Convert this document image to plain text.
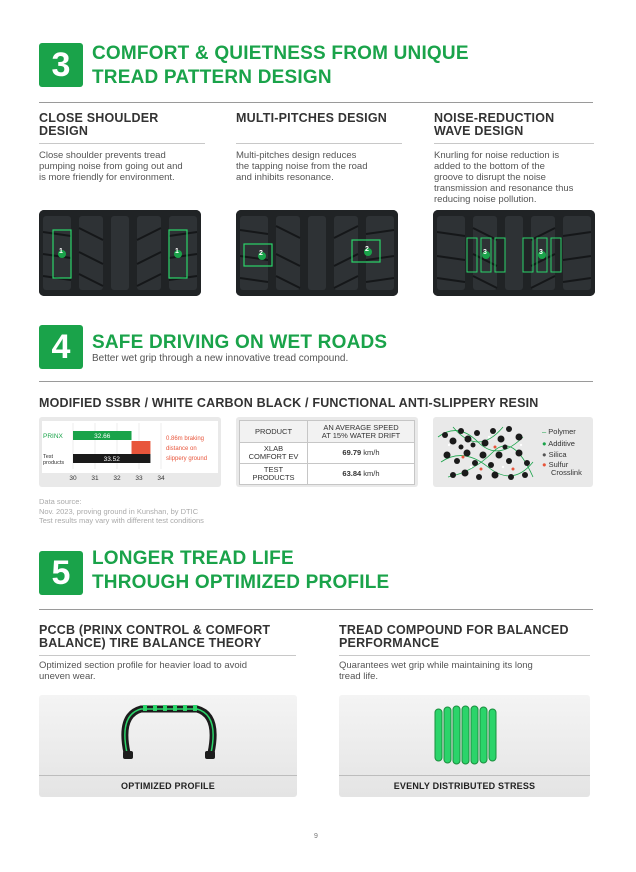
3	COMFORT & QUIETNESS FROM UNIQUE
TREAD PATTERN DESIGN
CLOSE SHOULDER
DESIGN
Close shoulder prevents tread
pumping noise from going out and
is more friendly for environment.
MULTI-PITCHES DESIGN
Multi-pitches design reduces
the tapping noise from the road
and inhibits resonance.
NOISE-REDUCTION
WAVE DESIGN
Knurling for noise reduction is
added to the bottom of the
groove to disrupt the noise
transmission and resonance thus
reducing noise pollution.
1	1	2
2	3	3
4	SAFE DRIVING ON WET ROADS
Better wet grip through a new innovative tread compound.
MODIFIED SSBR / WHITE CARBON BLACK / FUNCTIONAL ANTI-SLIPPERY RESIN
30 31 32 33 34
32.66
33.52
PRINX
Test
products
0.86m braking
distance on
slippery ground
PRODUCT	AN AVERAGE SPEED
AT 15% WATER DRIFT

XLAB
COMFORT EV	69.79 km/h

TEST
PRODUCTS	63.84 km/h
– Polymer
● Additive
● Silica
● Sulfur
Crosslink
Data source:
Nov. 2023, proving ground in Kunshan, by DTIC
Test results may vary with different test conditions
5	LONGER TREAD LIFE
THROUGH OPTIMIZED PROFILE
PCCB (PRINX CONTROL & COMFORT
BALANCE) TIRE BALANCE THEORY
Optimized section profile for heavier load to avoid
uneven wear.
TREAD COMPOUND FOR BALANCED
PERFORMANCE
Quarantees wet grip while maintaining its long
tread life.
OPTIMIZED PROFILE	EVENLY DISTRIBUTED STRESS
9
